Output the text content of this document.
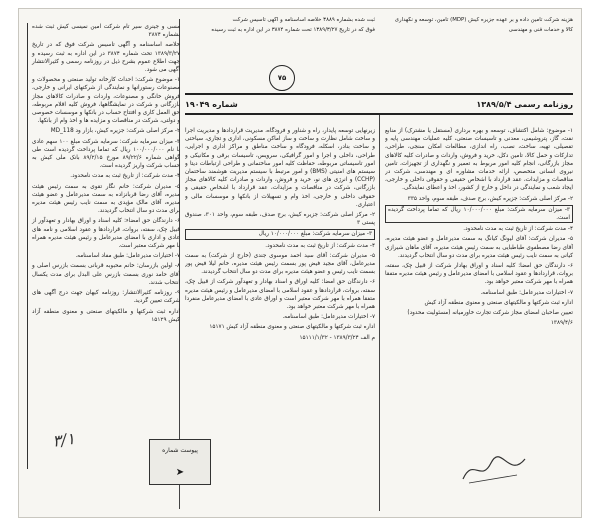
ثبت شده بشماره ۳۸۸۹ خلاصه اساسنامه و آگهی تاسیس شرکت

فوق که در تاریخ ۱۳۸۹/۳/۲۷ تحت شماره ۳۸۷۴ در این اداره به ثبت رسیده

هزینه شرکت تامین داده و بر عهده جزیره کیش (MDP) تامین، توسعه و نگهداری

کالا و خدمات فنی و مهندسی

۷۵
روزنامه رسمی ۱۳۸۹/۵/۴
شماره ۱۹۰۴۹

مسی و جینری سیر تام شرکت امین نمیسی کیش ثبت شده بشماره ۳۸۷۴

خلاصه اساسنامه و آگهی تاسیس شرکت فوق که در تاریخ ۱۳۸۹/۳/۲۷ تحت شماره ۳۸۷۴ در این اداره به ثبت رسیده و جهت اطلاع عموم بشرح ذیل در روزنامه رسمی و کثیرالانتشار آگهی می شود.

۱- موضوع شرکت: احداث کارخانه تولید صنعتی و محصولات و مصنوعات رستورانها و نمایندگی از شرکتهای ایرانی و خارجی، فروش خانگی و مصنوعات، واردات و صادرات کالاهای مجاز بازرگانی و شرکت در نمایشگاهها، فروش کلیه اقلام مربوطه، حق العمل کاری و افتتاح حساب در بانکها و موسسات خصوصی و دولتی، شرکت در مناقصات و مزایده ها و اخذ وام از بانکها.

۲- مرکز اصلی شرکت: جزیره کیش، بازار ود MD_118

۳- میزان سرمایه شرکت: سرمایه شرکت مبلغ ۱۰۰ سهم عادی با نام ۱۰۰/۰۰۰/۰۰۰ ریال که تماما پرداخت گردیده است طی گواهی شماره ۸۹/۲۲/۶ مورخ ۸۹/۲/۱۵ بانک ملی کیش به حساب شرکت واریز گردیده است.

۴- مدت شرکت: از تاریخ ثبت به مدت نامحدود.

۵- مدیران شرکت: خانم نگار تقوی به سمت رئیس هیئت مدیره، آقای رضا قربانزاده به سمت مدیرعامل و عضو هیئت مدیره، آقای مالک مؤیدی به سمت نایب رئیس هیئت مدیره برای مدت دو سال انتخاب گردیدند.

۶- دارندگان حق امضاء: کلیه اسناد و اوراق بهادار و تعهدآور از قبیل چک، سفته، بروات، قراردادها و عقود اسلامی و نامه های عادی و اداری با امضای مدیرعامل و رئیس هیئت مدیره همراه با مهر شرکت معتبر است.

۷- اختیارات مدیرعامل: طبق مفاد اساسنامه.

۸- اولین بازرسان: خانم محبوبه قربانی بسمت بازرس اصلی و آقای حامد نوری بسمت بازرس علی البدل برای مدت یکسال انتخاب شدند.

۹- روزنامه کثیرالانتشار: روزنامه کیهان جهت درج آگهی های شرکت تعیین گردید.

اداره ثبت شرکتها و مالکیتهای صنعتی و معنوی منطقه آزاد کیش ۱۵۱۲۹

زیرنهایی توسعه پایدار، راه و شناور و فرودگاه، مدیریت قراردادها و مدیریت اجرا و ساخت شامل نظارت و ساخت و ساز اماکن مسکونی، اداری و تجاری، سیاحتی و ساخت بنادر، اسکله، فرودگاه و ساخت مناطق و مراکز اداری و اجرایی، طراحی، داخلی و اجرا و امور گرافیکی، سرویس، تاسیسات برقی و مکانیکی و امور تاسیساتی مربوطه، حفاظت کلیه امور ساختمانی و طراحی ارتباطات دیتا و سیستم های امنیتی (BMS) و امور مرتبط با سیستم مدیریت هوشمند ساختمان (CCHP) و انرژی های نو، خرید و فروش، واردات و صادرات کلیه کالاهای مجاز بازرگانی، شرکت در مناقصات و مزایدات، عقد قرارداد با اشخاص حقیقی و حقوقی داخلی و خارجی، اخذ وام و تسهیلات از بانکها و موسسات مالی و اعتباری.

۲- مرکز اصلی شرکت: جزیره کیش، برج صدف، طبقه سوم، واحد ۳۰۱، صندوق پستی ۳

۳- میزان سرمایه شرکت: مبلغ ۱۰/۰۰۰/۰۰۰ ریال

۴- مدت شرکت: از تاریخ ثبت به مدت نامحدود.

۵- مدیران شرکت: آقای سید احمد موسوی جندی (خارج از شرکت) به سمت مدیرعامل، آقای مجید فیض پور بسمت رئیس هیئت مدیره، خانم لیلا فیض پور بسمت نایب رئیس و عضو هیئت مدیره برای مدت دو سال انتخاب گردیدند.

۶- دارندگان حق امضا: کلیه اوراق و اسناد بهادار و تعهدآور شرکت از قبیل چک، سفته، بروات، قراردادها و عقود اسلامی با امضای مدیرعامل و رئیس هیئت مدیره متفقا همراه با مهر شرکت معتبر است و اوراق عادی با امضای مدیرعامل منفردا همراه با مهر شرکت معتبر خواهد بود.

۷- اختیارات مدیرعامل: طبق اساسنامه.

اداره ثبت شرکتها و مالکیتهای صنعتی و معنوی منطقه آزاد کیش ۱۵۱۷۱

م الف ۱۳۸۹/۳/۲۴ - ۱۵۱۱۱/۱/۳۲

۱- موضوع: شامل اکتشاف، توسعه و بهره برداری (مستقل یا مشترک) از منابع نفت، گاز، پتروشیمی، معدنی و تاسیسات صنعتی، کلیه عملیات مهندسی پایه و تفصیلی، تهیه، ساخت، نصب، راه اندازی، مطالعات امکان سنجی، طراحی، تدارکات و حمل کالا، تامین دکل، خرید و فروش، واردات و صادرات کلیه کالاهای مجاز بازرگانی، انجام کلیه امور مربوط به تعمیر و نگهداری از تجهیزات، تامین نیروی انسانی متخصص، ارائه خدمات مشاوره ای و مهندسی، شرکت در مناقصات و مزایدات، عقد قرارداد با اشخاص حقیقی و حقوقی داخلی و خارجی، ایجاد شعب و نمایندگی در داخل و خارج از کشور، اخذ و اعطای نمایندگی.

۲- مرکز اصلی شرکت: جزیره کیش، برج صدف، طبقه سوم، واحد ۳۳۵

۳- میزان سرمایه شرکت: مبلغ ۱۰/۰۰۰/۰۰۰ ریال که تماما پرداخت گردیده است.

۴- مدت شرکت: از تاریخ ثبت به مدت نامحدود.

۵- مدیران شرکت: آقای لیونگ کیانگ به سمت مدیرعامل و عضو هیئت مدیره، آقای رضا مصطفوی طباطبایی به سمت رئیس هیئت مدیره، آقای ماهان شیرازی کیانی به سمت نایب رئیس هیئت مدیره برای مدت دو سال انتخاب گردیدند.

۶- دارندگان حق امضا: کلیه اسناد و اوراق بهادار شرکت از قبیل چک، سفته، بروات، قراردادها و عقود اسلامی با امضای مدیرعامل و رئیس هیئت مدیره متفقا همراه با مهر شرکت معتبر خواهد بود.

۷- اختیارات مدیرعامل: طبق اساسنامه.

اداره ثبت شرکتها و مالکیتهای صنعتی و معنوی منطقه آزاد کیش

تعیین صاحبان امضای مجاز شرکت تجارت خاورمیانه (مسئولیت محدود)

۱۳۸۹/۴/۶

۳/۱	پیوست شماره
➤
